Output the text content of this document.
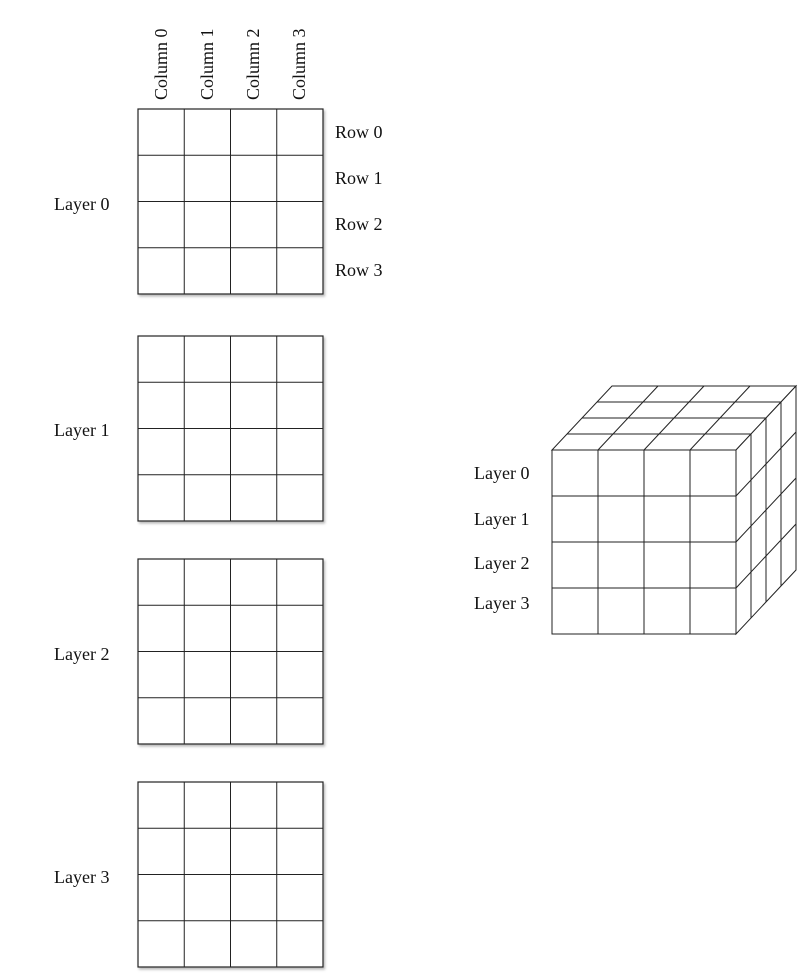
Column 0 Column 1 Column 2 Column 3
Row 0
Row 1
Row 2
Row 3
Layer 0
Layer 1
Layer 2
Layer 3
Layer 0
Layer 1
Layer 2
Layer 3
